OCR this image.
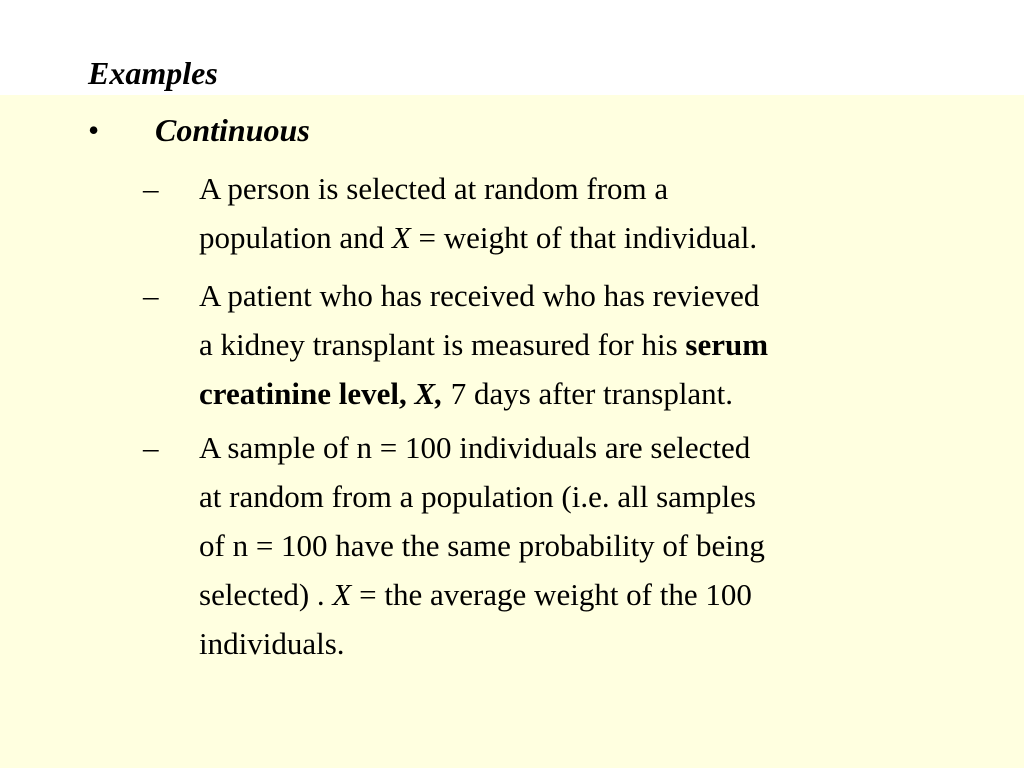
Examples
• Continuous
– A person is selected at random from a
population and X = weight of that individual.
– A patient who has received who has revieved
a kidney transplant is measured for his serum
creatinine level, X, 7 days after transplant.
– A sample of n = 100 individuals are selected
at random from a population (i.e. all samples
of n = 100 have the same probability of being
selected) . X = the average weight of the 100
individuals.
